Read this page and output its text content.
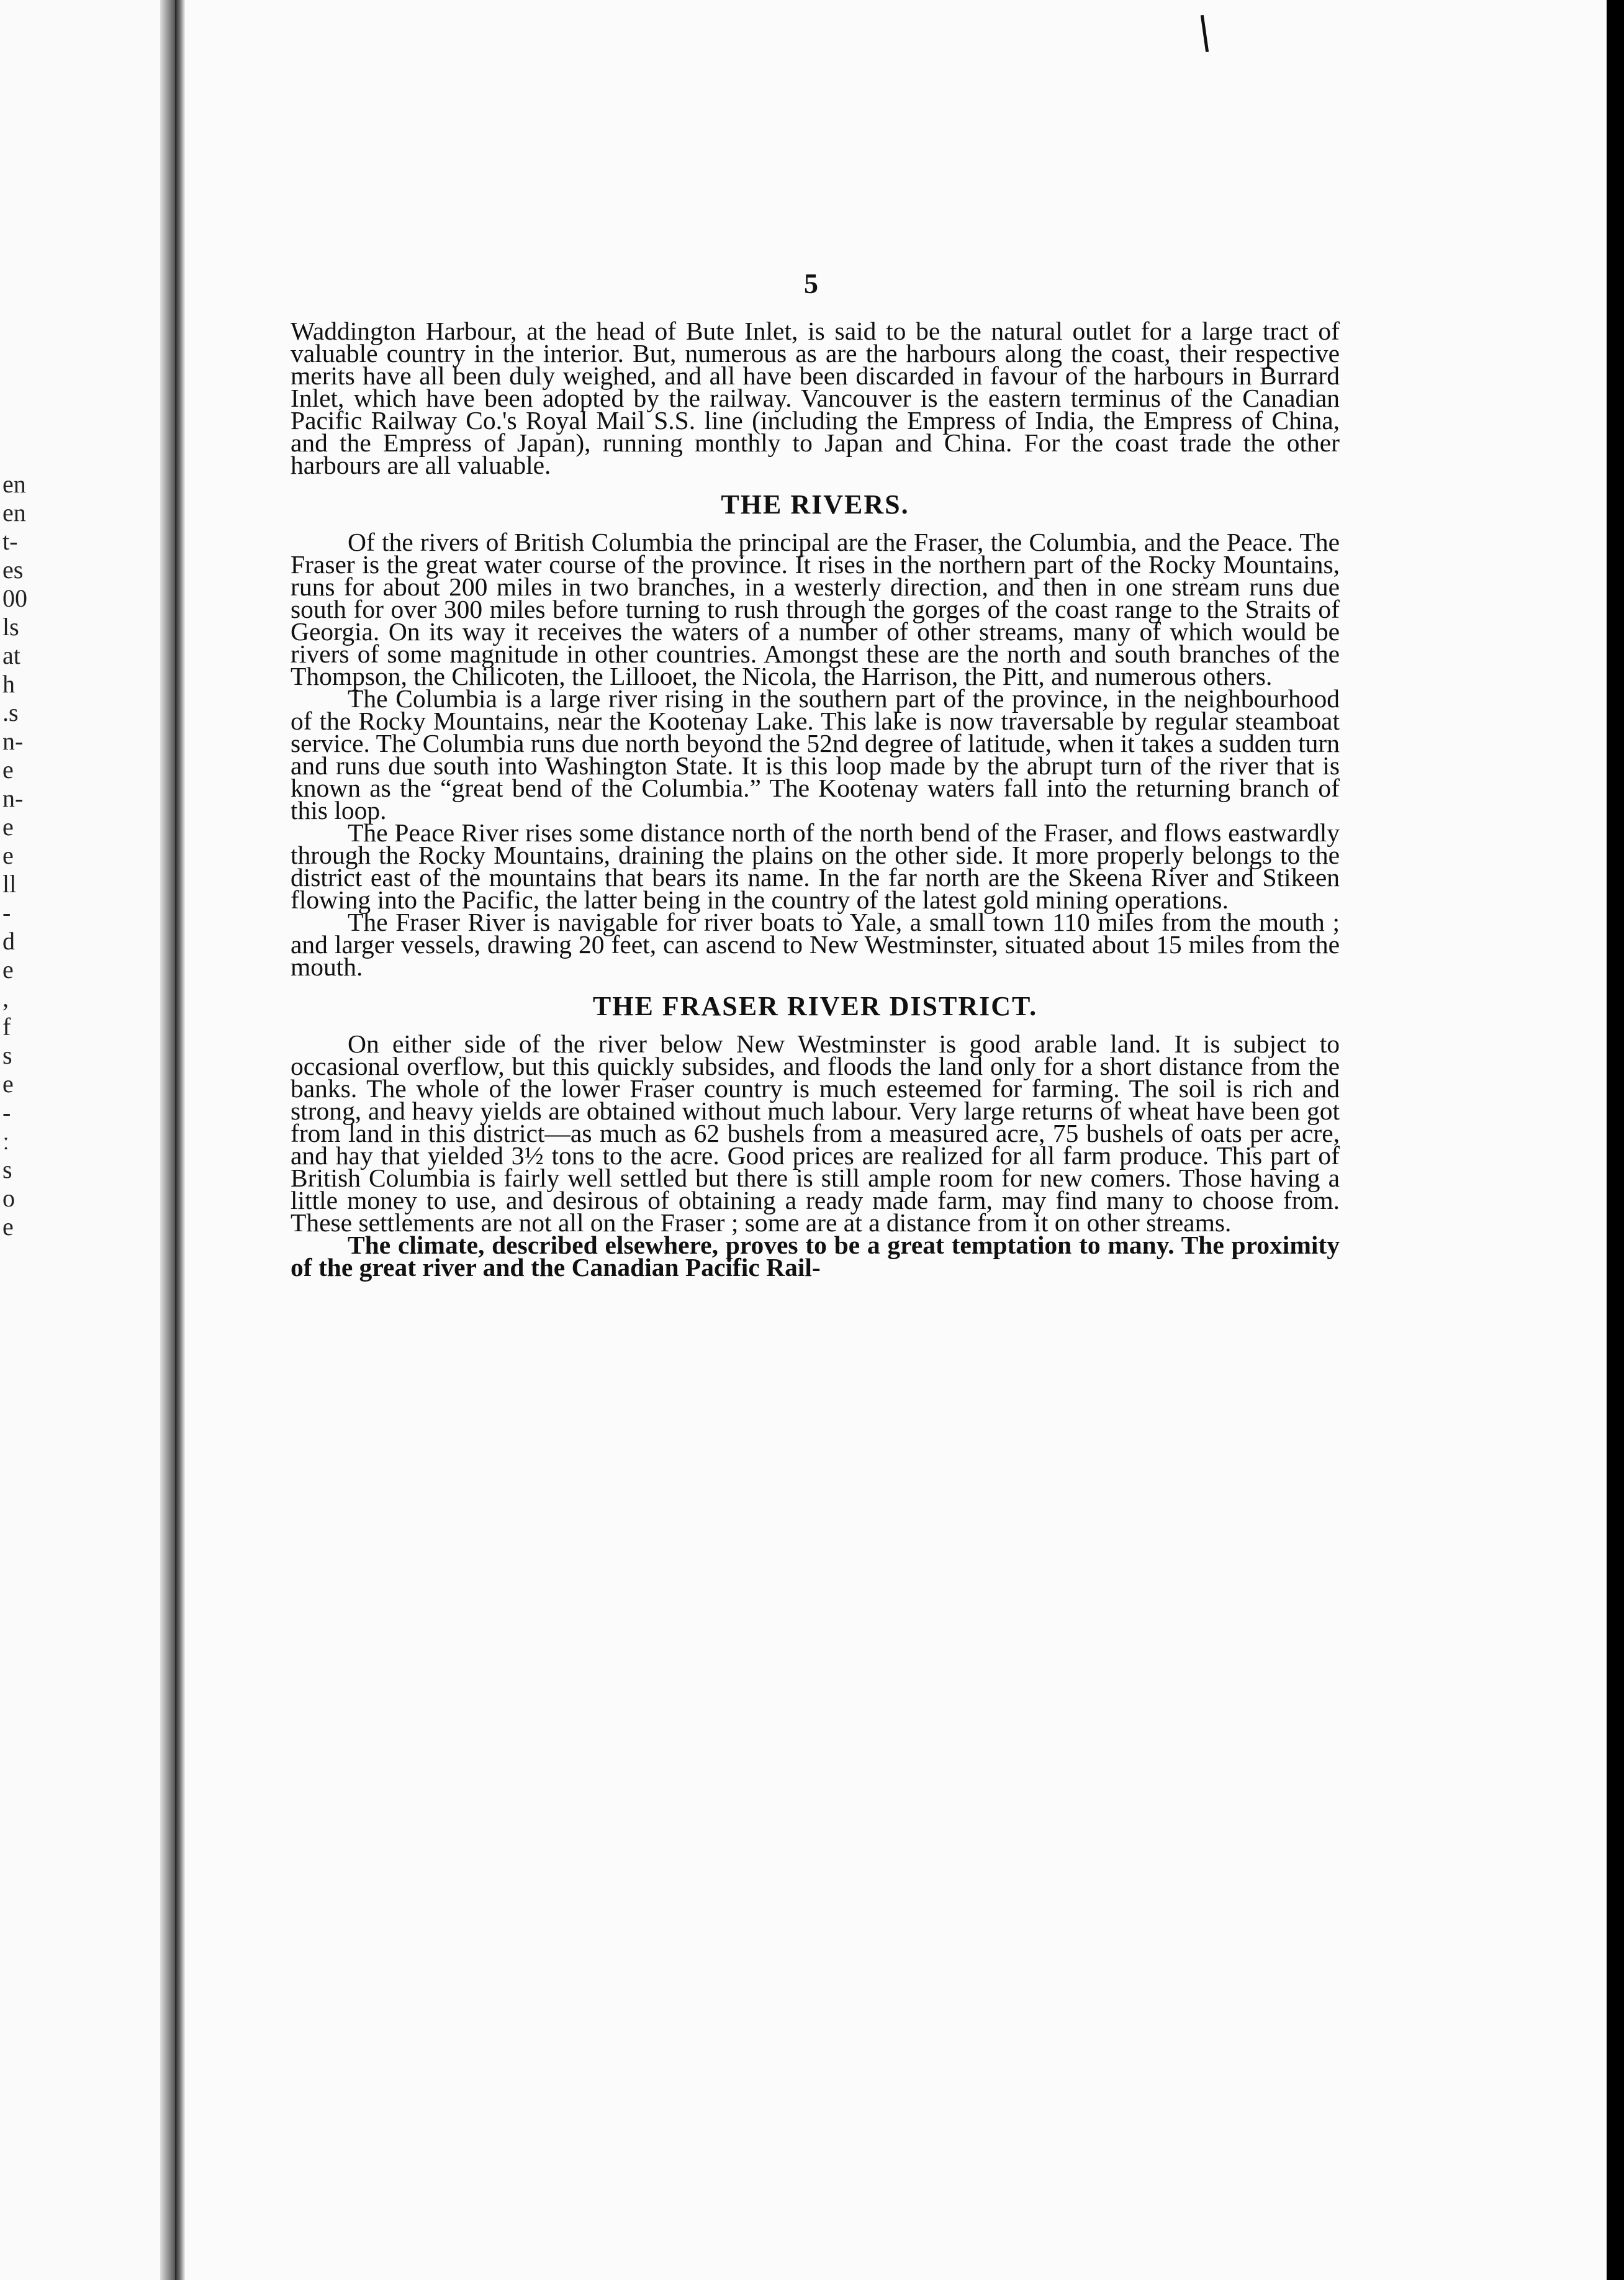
en
en
t-
es
00
ls
at
h
.s
n-
e
n-
e
e
ll
-
d
e
,
f
s
e
-
ː
s
o
e
5

Waddington Harbour, at the head of Bute Inlet, is said to be the natural outlet for a large tract of valuable country in the interior. But, numerous as are the harbours along the coast, their respective merits have all been duly weighed, and all have been discarded in favour of the harbours in Burrard Inlet, which have been adopted by the railway. Vancouver is the eastern terminus of the Canadian Pacific Railway Co.'s Royal Mail S.S. line (including the Empress of India, the Empress of China, and the Empress of Japan), running monthly to Japan and China. For the coast trade the other harbours are all valuable.

THE RIVERS.

Of the rivers of British Columbia the principal are the Fraser, the Columbia, and the Peace. The Fraser is the great water course of the province. It rises in the northern part of the Rocky Mountains, runs for about 200 miles in two branches, in a westerly direction, and then in one stream runs due south for over 300 miles before turning to rush through the gorges of the coast range to the Straits of Georgia. On its way it receives the waters of a number of other streams, many of which would be rivers of some magnitude in other countries. Amongst these are the north and south branches of the Thompson, the Chilicoten, the Lillooet, the Nicola, the Harrison, the Pitt, and numerous others.

The Columbia is a large river rising in the southern part of the province, in the neighbourhood of the Rocky Mountains, near the Kootenay Lake. This lake is now traversable by regular steamboat service. The Columbia runs due north beyond the 52nd degree of latitude, when it takes a sudden turn and runs due south into Washington State. It is this loop made by the abrupt turn of the river that is known as the “great bend of the Columbia.” The Kootenay waters fall into the returning branch of this loop.

The Peace River rises some distance north of the north bend of the Fraser, and flows eastwardly through the Rocky Mountains, draining the plains on the other side. It more properly belongs to the district east of the mountains that bears its name. In the far north are the Skeena River and Stikeen flowing into the Pacific, the latter being in the country of the latest gold mining operations.

The Fraser River is navigable for river boats to Yale, a small town 110 miles from the mouth ; and larger vessels, drawing 20 feet, can ascend to New Westminster, situated about 15 miles from the mouth.

THE FRASER RIVER DISTRICT.

On either side of the river below New Westminster is good arable land. It is subject to occasional overflow, but this quickly subsides, and floods the land only for a short distance from the banks. The whole of the lower Fraser country is much esteemed for farming. The soil is rich and strong, and heavy yields are obtained without much labour. Very large returns of wheat have been got from land in this district—as much as 62 bushels from a measured acre, 75 bushels of oats per acre, and hay that yielded 3½ tons to the acre. Good prices are realized for all farm produce. This part of British Columbia is fairly well settled but there is still ample room for new comers. Those having a little money to use, and desirous of obtaining a ready made farm, may find many to choose from. These settlements are not all on the Fraser ; some are at a distance from it on other streams.

The climate, described elsewhere, proves to be a great temptation to many. The proximity of the great river and the Canadian Pacific Rail-
